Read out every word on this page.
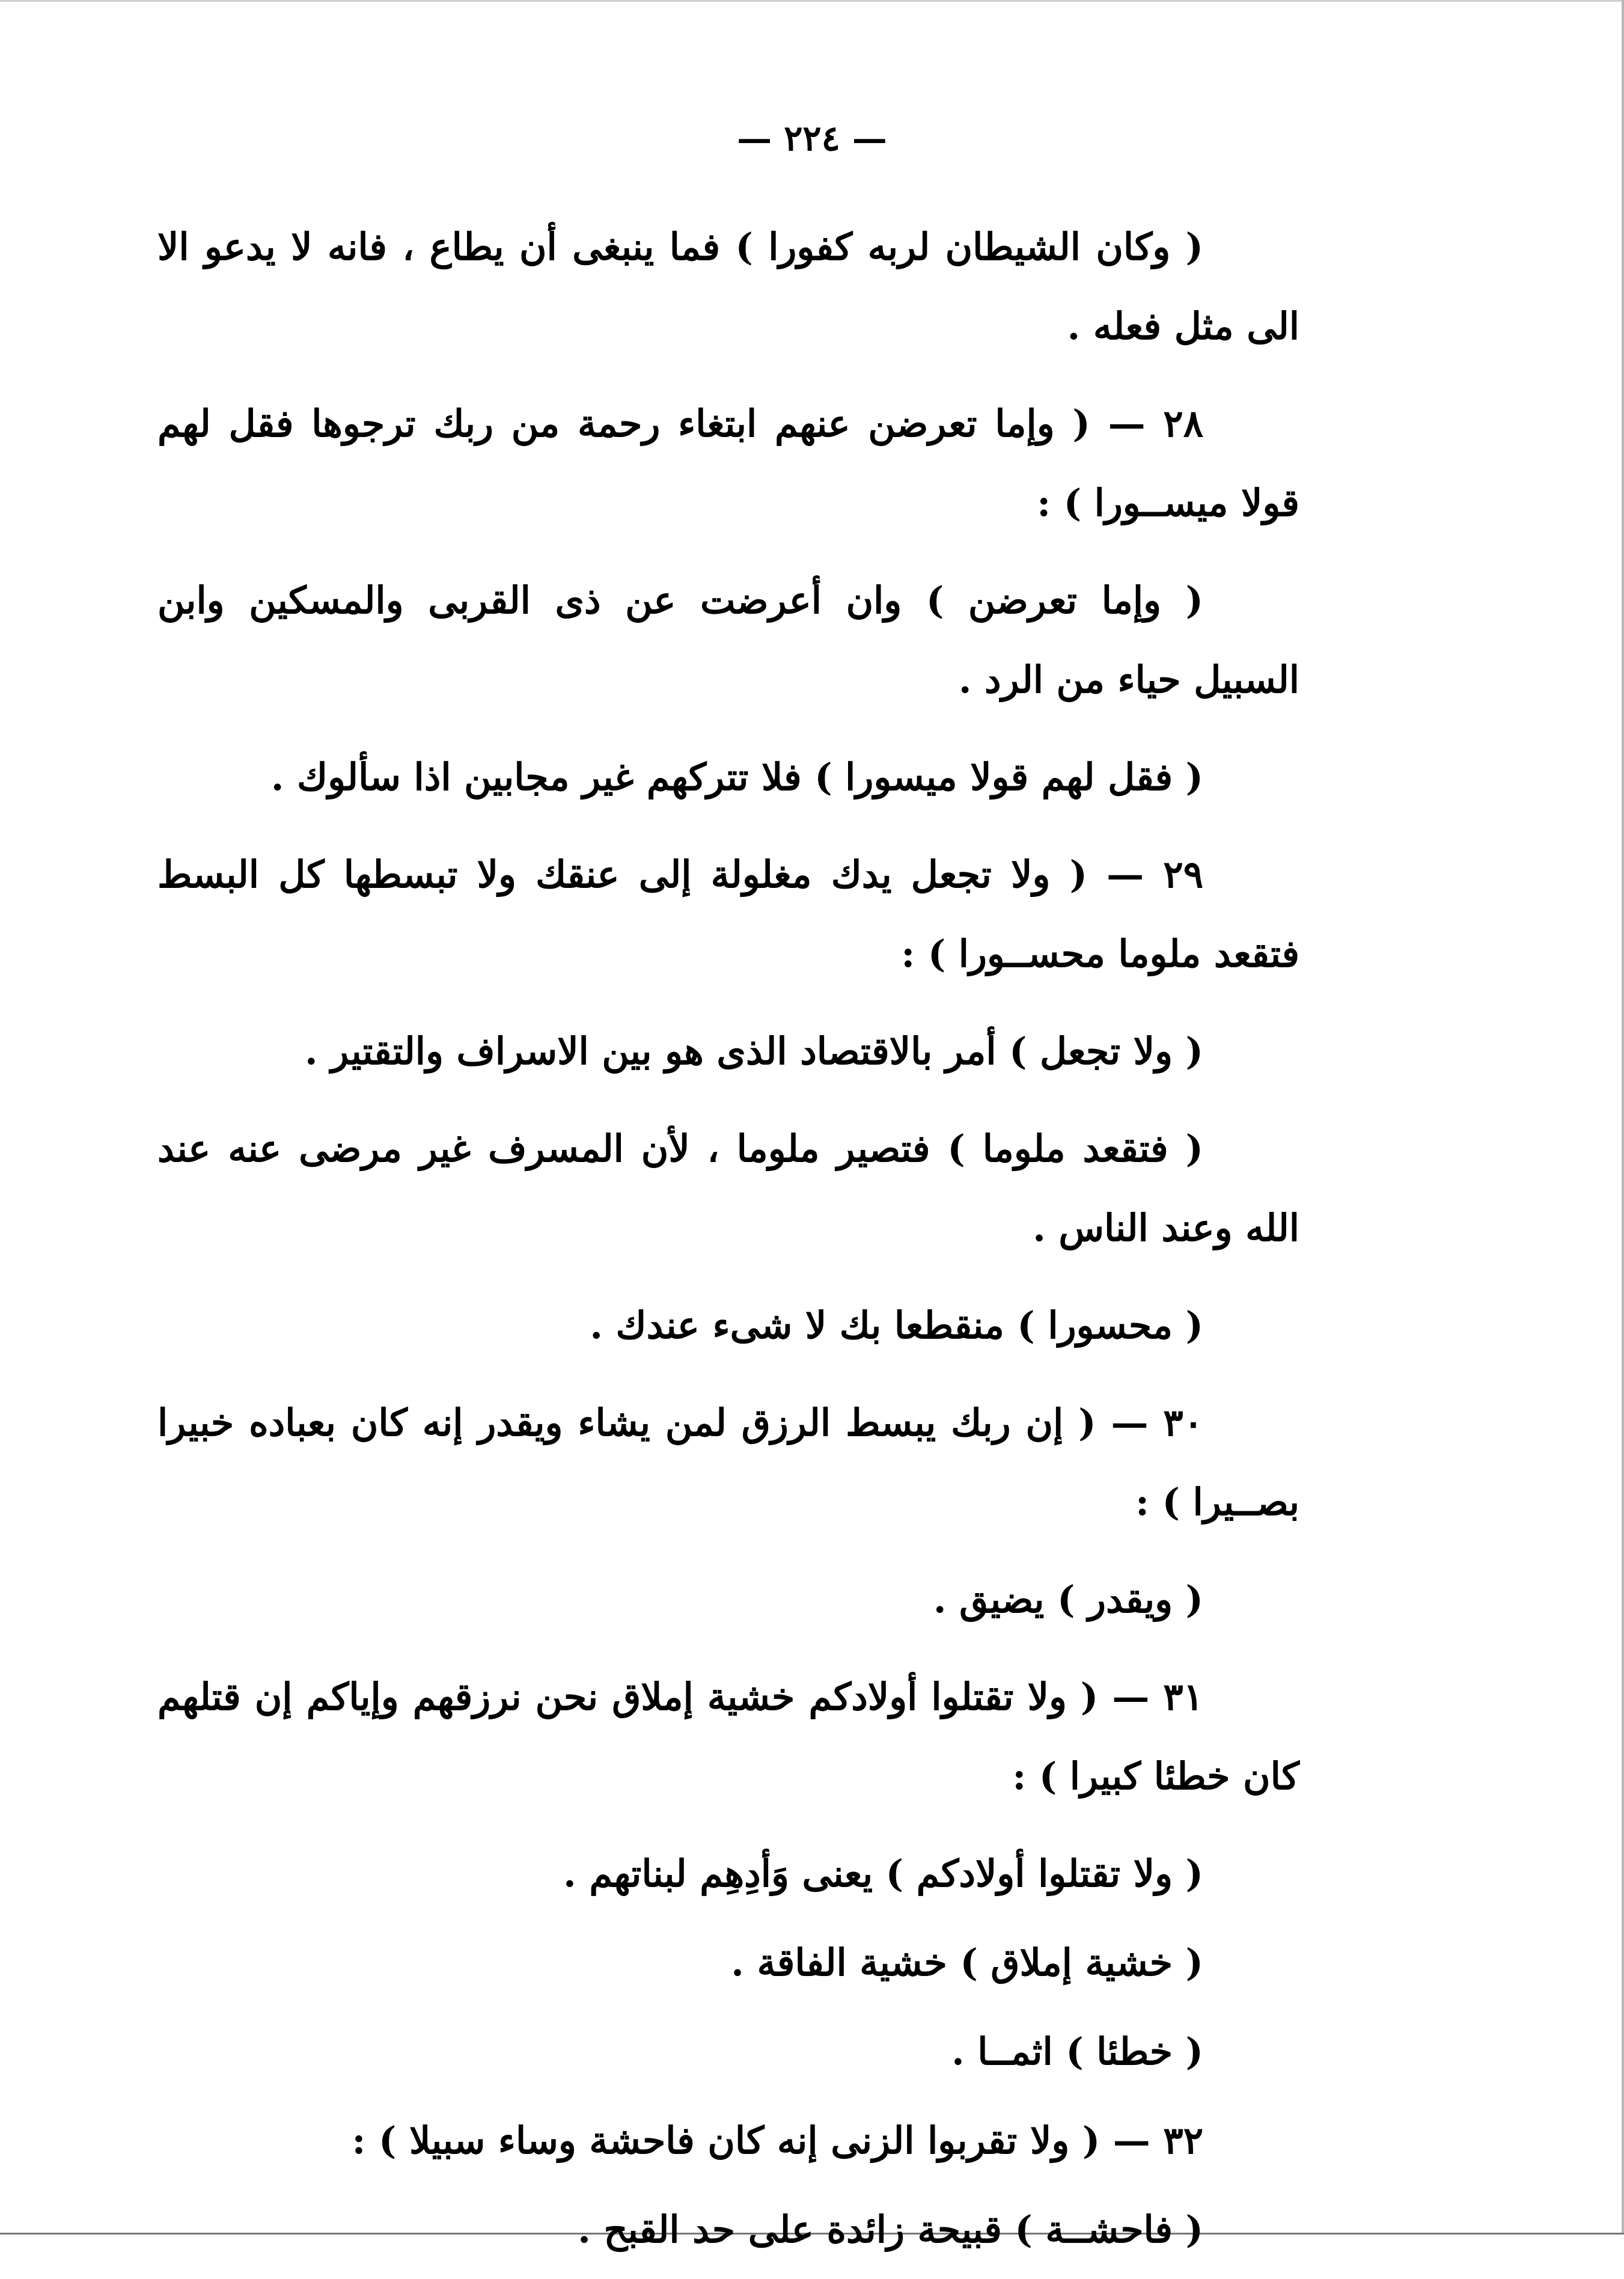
— ٢٢٤ —

( وكان الشيطان لربه كفورا ) فما ينبغى أن يطاع ، فانه لا يدعو الا الى مثل فعله .

٢٨ — ( وإما تعرضن عنهم ابتغاء رحمة من ربك ترجوها فقل لهم قولا ميســورا ) :

( وإما تعرضن ) وان أعرضت عن ذى القربى والمسكين وابن السبيل حياء من الرد .

( فقل لهم قولا ميسورا ) فلا تتركهم غير مجابين اذا سألوك .

٢٩ — ( ولا تجعل يدك مغلولة إلى عنقك ولا تبسطها كل البسط فتقعد ملوما محســورا ) :

( ولا تجعل ) أمر بالاقتصاد الذى هو بين الاسراف والتقتير .

( فتقعد ملوما ) فتصير ملوما ، لأن المسرف غير مرضى عنه عند الله وعند الناس .

( محسورا ) منقطعا بك لا شىء عندك .

٣٠ — ( إن ربك يبسط الرزق لمن يشاء ويقدر إنه كان بعباده خبيرا بصــيرا ) :

( ويقدر ) يضيق .

٣١ — ( ولا تقتلوا أولادكم خشية إملاق نحن نرزقهم وإياكم إن قتلهم كان خطئا كبيرا ) :

( ولا تقتلوا أولادكم ) يعنى وَأدِهِم لبناتهم .

( خشية إملاق ) خشية الفاقة .

( خطئا ) اثمــا .

٣٢ — ( ولا تقربوا الزنى إنه كان فاحشة وساء سبيلا ) :

( فاحشــة ) قبيحة زائدة على حد القبح .
